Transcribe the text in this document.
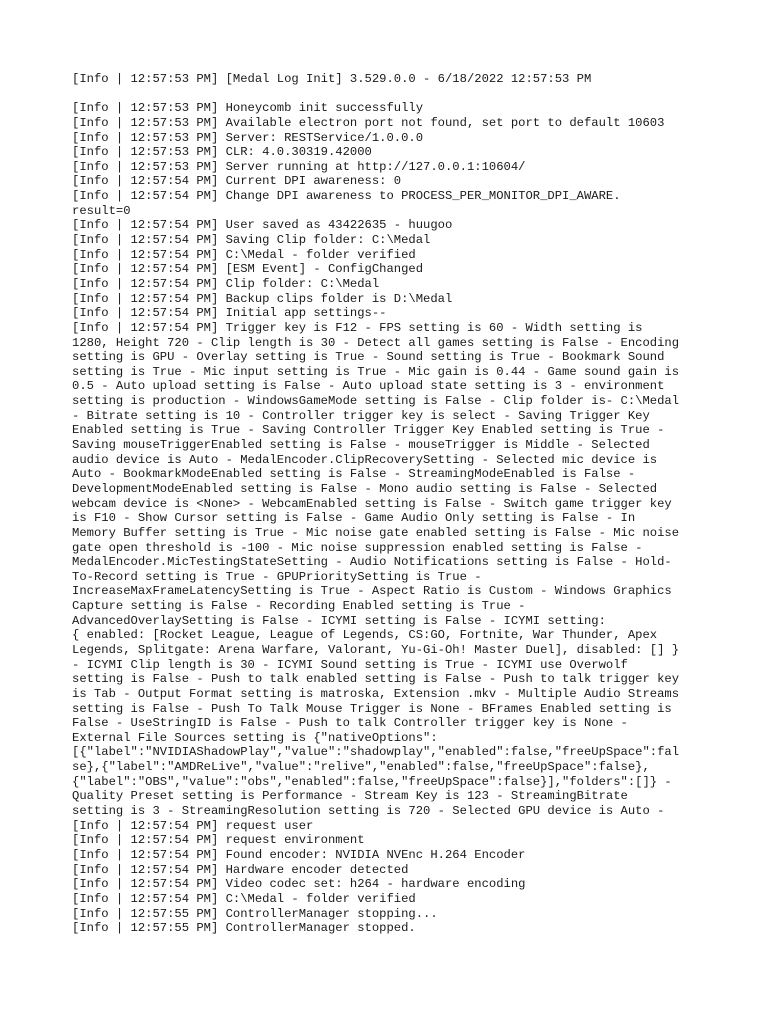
[Info | 12:57:53 PM] [Medal Log Init] 3.529.0.0 - 6/18/2022 12:57:53 PM
[Info | 12:57:53 PM] Honeycomb init successfully
[Info | 12:57:53 PM] Available electron port not found, set port to default 10603
[Info | 12:57:53 PM] Server: RESTService/1.0.0.0
[Info | 12:57:53 PM] CLR: 4.0.30319.42000
[Info | 12:57:53 PM] Server running at http://127.0.0.1:10604/
[Info | 12:57:54 PM] Current DPI awareness: 0
[Info | 12:57:54 PM] Change DPI awareness to PROCESS_PER_MONITOR_DPI_AWARE.
result=0
[Info | 12:57:54 PM] User saved as 43422635 - huugoo
[Info | 12:57:54 PM] Saving Clip folder: C:\Medal
[Info | 12:57:54 PM] C:\Medal - folder verified
[Info | 12:57:54 PM] [ESM Event] - ConfigChanged
[Info | 12:57:54 PM] Clip folder: C:\Medal
[Info | 12:57:54 PM] Backup clips folder is D:\Medal
[Info | 12:57:54 PM] Initial app settings--
[Info | 12:57:54 PM] Trigger key is F12 - FPS setting is 60 - Width setting is
1280, Height 720 - Clip length is 30 - Detect all games setting is False - Encoding
setting is GPU - Overlay setting is True - Sound setting is True - Bookmark Sound
setting is True - Mic input setting is True - Mic gain is 0.44 - Game sound gain is
0.5 - Auto upload setting is False - Auto upload state setting is 3 - environment
setting is production - WindowsGameMode setting is False - Clip folder is- C:\Medal
- Bitrate setting is 10 - Controller trigger key is select - Saving Trigger Key
Enabled setting is True - Saving Controller Trigger Key Enabled setting is True -
Saving mouseTriggerEnabled setting is False - mouseTrigger is Middle - Selected
audio device is Auto - MedalEncoder.ClipRecoverySetting - Selected mic device is
Auto - BookmarkModeEnabled setting is False - StreamingModeEnabled is False -
DevelopmentModeEnabled setting is False - Mono audio setting is False - Selected
webcam device is <None> - WebcamEnabled setting is False - Switch game trigger key
is F10 - Show Cursor setting is False - Game Audio Only setting is False - In
Memory Buffer setting is True - Mic noise gate enabled setting is False - Mic noise
gate open threshold is -100 - Mic noise suppression enabled setting is False -
MedalEncoder.MicTestingStateSetting - Audio Notifications setting is False - Hold-
To-Record setting is True - GPUPrioritySetting is True -
IncreaseMaxFrameLatencySetting is True - Aspect Ratio is Custom - Windows Graphics
Capture setting is False - Recording Enabled setting is True -
AdvancedOverlaySetting is False - ICYMI setting is False - ICYMI setting:
{ enabled: [Rocket League, League of Legends, CS:GO, Fortnite, War Thunder, Apex
Legends, Splitgate: Arena Warfare, Valorant, Yu-Gi-Oh! Master Duel], disabled: [] }
- ICYMI Clip length is 30 - ICYMI Sound setting is True - ICYMI use Overwolf
setting is False - Push to talk enabled setting is False - Push to talk trigger key
is Tab - Output Format setting is matroska, Extension .mkv - Multiple Audio Streams
setting is False - Push To Talk Mouse Trigger is None - BFrames Enabled setting is
False - UseStringID is False - Push to talk Controller trigger key is None -
External File Sources setting is {"nativeOptions":
[{"label":"NVIDIAShadowPlay","value":"shadowplay","enabled":false,"freeUpSpace":fal
se},{"label":"AMDReLive","value":"relive","enabled":false,"freeUpSpace":false},
{"label":"OBS","value":"obs","enabled":false,"freeUpSpace":false}],"folders":[]} -
Quality Preset setting is Performance - Stream Key is 123 - StreamingBitrate
setting is 3 - StreamingResolution setting is 720 - Selected GPU device is Auto -
[Info | 12:57:54 PM] request user
[Info | 12:57:54 PM] request environment
[Info | 12:57:54 PM] Found encoder: NVIDIA NVEnc H.264 Encoder
[Info | 12:57:54 PM] Hardware encoder detected
[Info | 12:57:54 PM] Video codec set: h264 - hardware encoding
[Info | 12:57:54 PM] C:\Medal - folder verified
[Info | 12:57:55 PM] ControllerManager stopping...
[Info | 12:57:55 PM] ControllerManager stopped.
